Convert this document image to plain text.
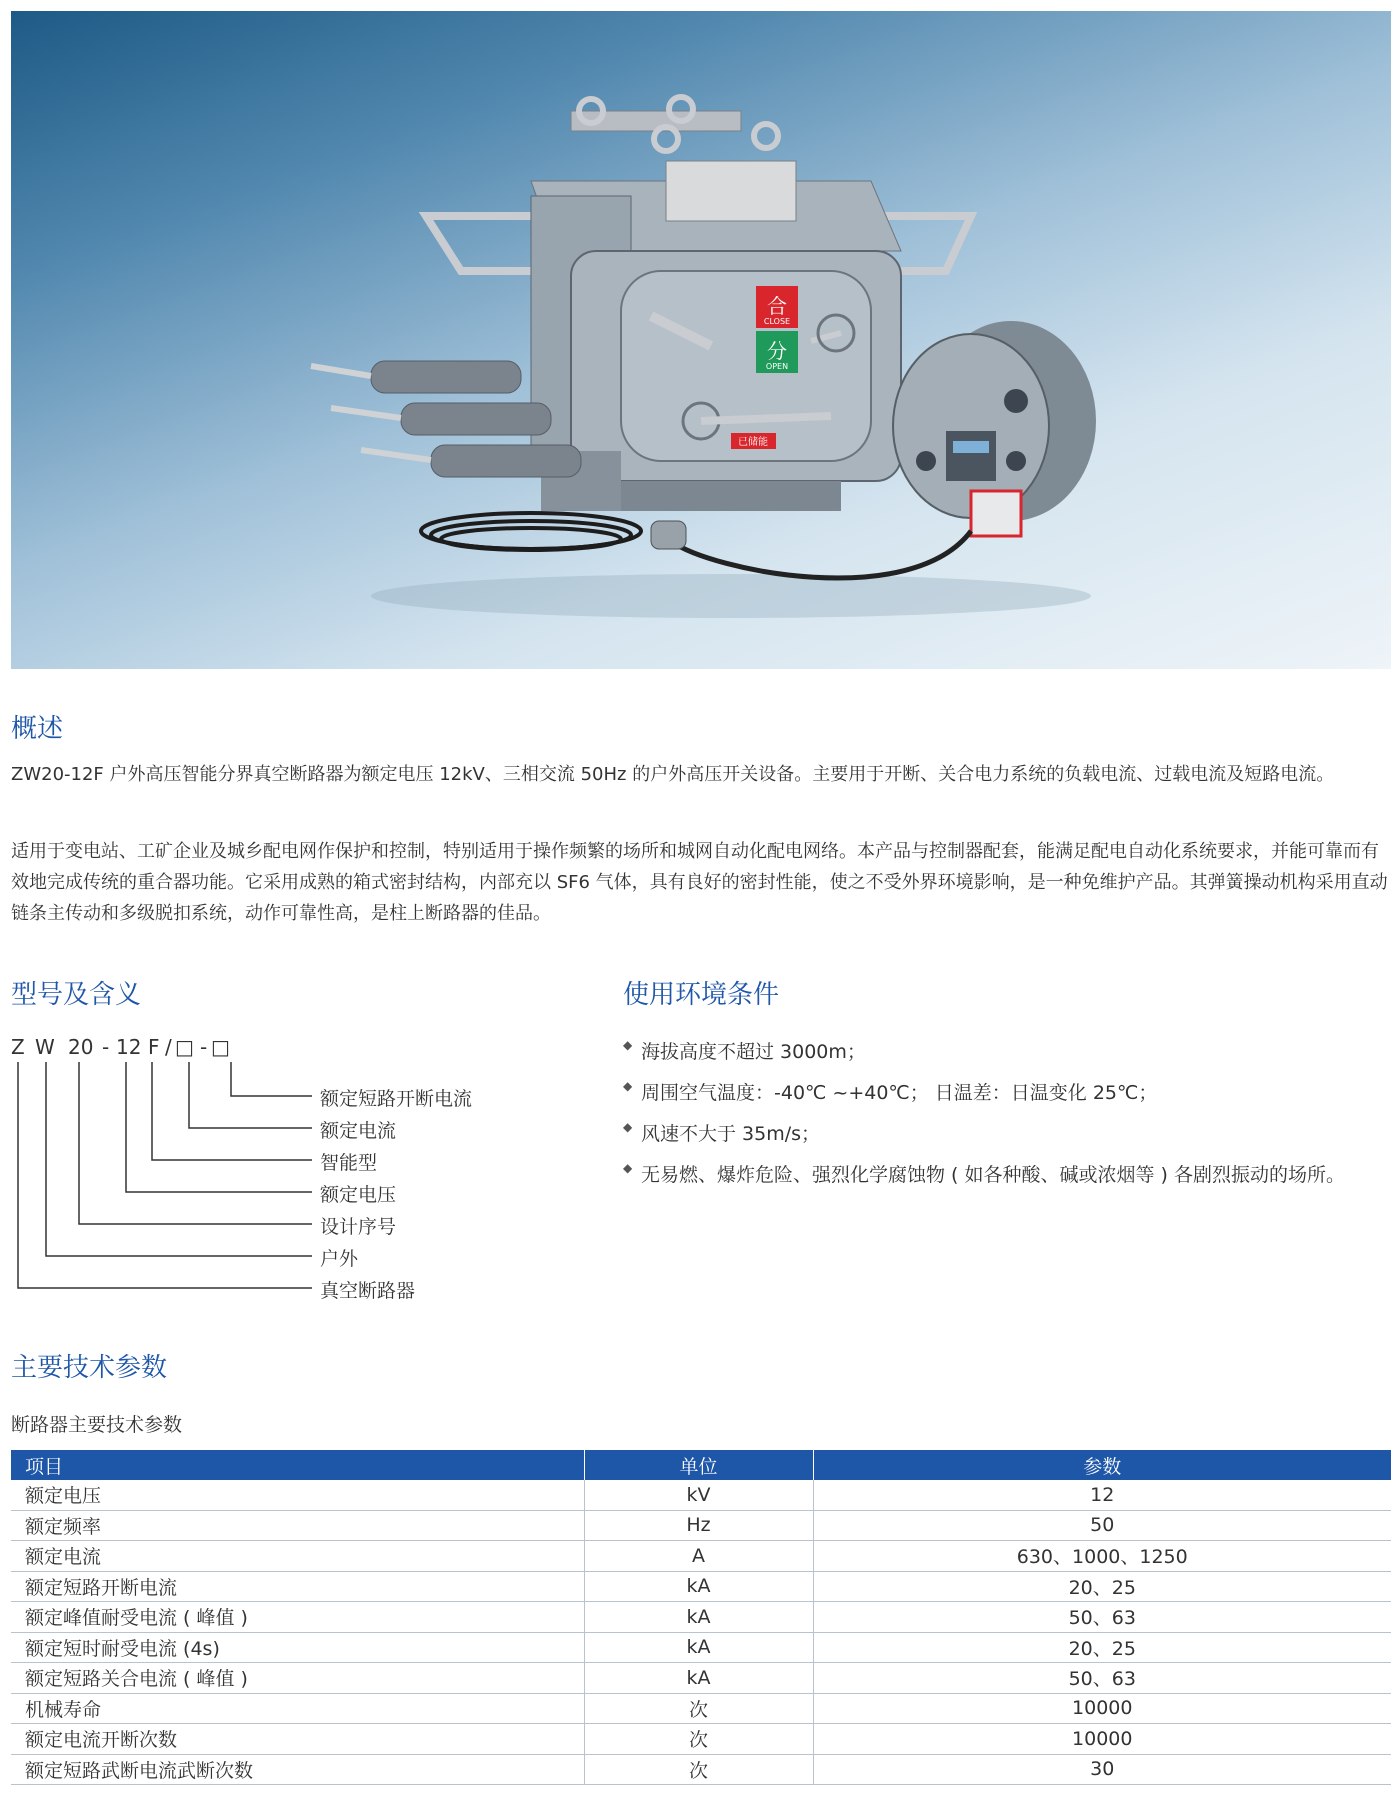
合
CLOSE
分
OPEN
已储能
概述

ZW20-12F 户外高压智能分界真空断路器为额定电压 12kV、三相交流 50Hz 的户外高压开关设备。主要用于开断、关合电力系统的负载电流、过载电流及短路电流。

适用于变电站、工矿企业及城乡配电网作保护和控制，特别适用于操作频繁的场所和城网自动化配电网络。本产品与控制器配套，能满足配电自动化系统要求，并能可靠而有效地完成传统的重合器功能。它采用成熟的箱式密封结构，内部充以 SF6 气体，具有良好的密封性能，使之不受外界环境影响，是一种免维护产品。其弹簧操动机构采用直动链条主传动和多级脱扣系统，动作可靠性高，是柱上断路器的佳品。

型号及含义
Z W 20 - 12 F / □ - □
额定短路开断电流
额定电流
智能型
额定电压
设计序号
户外
真空断路器
使用环境条件
◆ 海拔高度不超过 3000m；
◆ 周围空气温度：-40℃ ~+40℃； 日温差：日温变化 25℃；
◆ 风速不大于 35m/s；
◆ 无易燃、爆炸危险、强烈化学腐蚀物 ( 如各种酸、碱或浓烟等 ) 各剧烈振动的场所。
主要技术参数

断路器主要技术参数

项目	单位	参数
额定电压	kV	12
额定频率	Hz	50
额定电流	A	630、1000、1250
额定短路开断电流	kA	20、25
额定峰值耐受电流 ( 峰值 )	kA	50、63
额定短时耐受电流 (4s)	kA	20、25
额定短路关合电流 ( 峰值 )	kA	50、63
机械寿命	次	10000
额定电流开断次数	次	10000
额定短路武断电流武断次数	次	30
